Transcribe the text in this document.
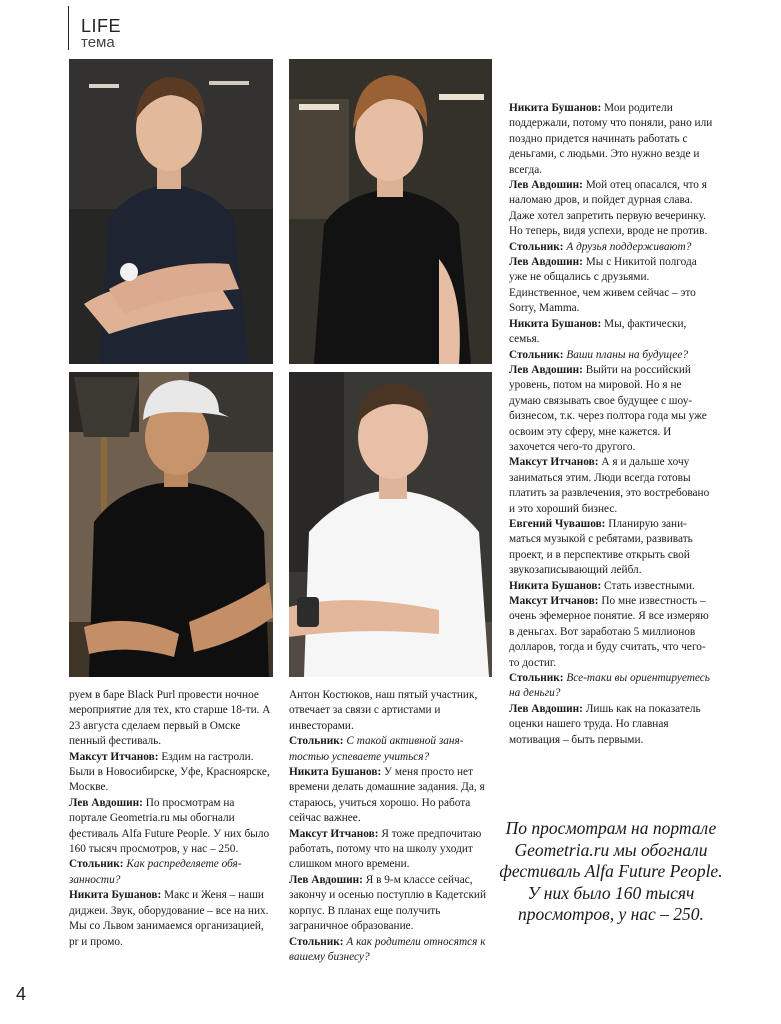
LIFE
тема

руем в баре Black Purl провести ночное мероприятие для тех, кто старше 18-ти. А 23 августа сделаем первый в Омске пенный фестиваль.

Максут Итчанов: Ездим на гастроли. Были в Новосибирске, Уфе, Красноярске, Москве.

Лев Авдошин: По просмотрам на портале Geometria.ru мы обогнали фестиваль Alfa Future People. У них было 160 тысяч просмотров, у нас – 250.

Стольник: Как распределяете обязанности?

Никита Бушанов: Макс и Женя – наши диджеи. Звук, оборудование – все на них. Мы со Львом занимаемся организацией, pr и промо.

Антон Костюков, наш пятый участник, отвечает за связи с артистами и инвесторами.

Стольник: С такой активной занятостью успеваете учиться?

Никита Бушанов: У меня просто нет времени делать домашние задания. Да, я стараюсь, учиться хорошо. Но работа сейчас важнее.

Максут Итчанов: Я тоже предпочитаю работать, потому что на школу уходит слишком много времени.

Лев Авдошин: Я в 9-м классе сейчас, закончу и осенью поступлю в Кадетский корпус. В планах еще получить заграничное образование.

Стольник: А как родители относятся к вашему бизнесу?

Никита Бушанов: Мои родители поддержали, потому что поняли, рано или поздно придется начинать работать с деньгами, с людьми. Это нужно везде и всегда.

Лев Авдошин: Мой отец опасался, что я наломаю дров, и пойдет дурная слава. Даже хотел запретить первую вечеринку. Но теперь, видя успехи, вроде не против.

Стольник: А друзья поддерживают?

Лев Авдошин: Мы с Никитой полгода уже не общались с друзьями. Единственное, чем живем сейчас – это Sorry, Mamma.

Никита Бушанов: Мы, фактически, семья.

Стольник: Ваши планы на будущее?

Лев Авдошин: Выйти на российский уровень, потом на мировой. Но я не думаю связывать свое будущее с шоу-бизнесом, т.к. через полтора года мы уже освоим эту сферу, мне кажется. И захочется чего-то другого.

Максут Итчанов: А я и дальше хочу заниматься этим. Люди всегда готовы платить за развлечения, это востребовано и это хороший бизнес.

Евгений Чувашов: Планирую заниматься музыкой с ребятами, развивать проект, и в перспективе открыть свой звукозаписывающий лейбл.

Никита Бушанов: Стать известными.

Максут Итчанов: По мне известность – очень эфемерное понятие. Я все измеряю в деньгах. Вот заработаю 5 миллионов долларов, тогда и буду считать, что чего-то достиг.

Стольник: Все-таки вы ориентируетесь на деньги?

Лев Авдошин: Лишь как на показатель оценки нашего труда. Но главная мотивация – быть первыми.

По просмотрам на портале Geometria.ru мы обогнали фестиваль Alfa Future People. У них было 160 тысяч просмотров, у нас – 250.
4
